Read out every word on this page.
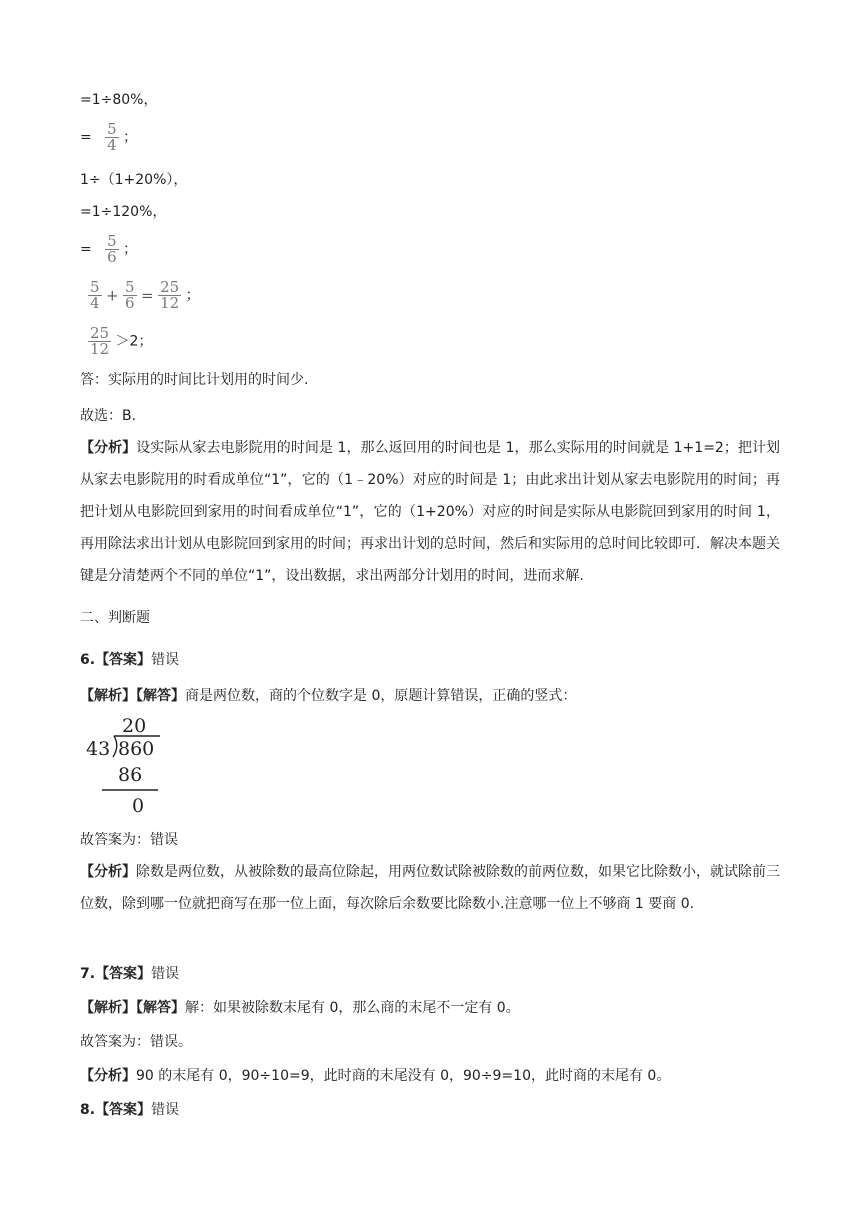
=1÷80%，
= $\frac{5}{4}$ ；
1÷（1+20%），
=1÷120%，
= $\frac{5}{6}$ ；
$\frac{5}{4} + \frac{5}{6} = \frac{25}{12}$ ；
$\frac{25}{12} >2$；
答：实际用的时间比计划用的时间少.
故选：B.
【分析】设实际从家去电影院用的时间是 1，那么返回用的时间也是 1，那么实际用的时间就是 1+1=2；把计划从家去电影院用的时看成单位“1”，它的（1﹣20%）对应的时间是 1；由此求出计划从家去电影院用的时间；再把计划从电影院回到家用的时间看成单位“1”，它的（1+20%）对应的时间是实际从电影院回到家用的时间 1，再用除法求出计划从电影院回到家用的时间；再求出计划的总时间，然后和实际用的总时间比较即可．解决本题关键是分清楚两个不同的单位“1”，设出数据，求出两部分计划用的时间，进而求解.
二、判断题
6.【答案】错误
【解析】【解答】商是两位数，商的个位数字是 0，原题计算错误，正确的竖式：
20
43 860
86
0
故答案为：错误
【分析】除数是两位数，从被除数的最高位除起，用两位数试除被除数的前两位数，如果它比除数小，就试除前三位数，除到哪一位就把商写在那一位上面，每次除后余数要比除数小.注意哪一位上不够商 1 要商 0.
7.【答案】错误
【解析】【解答】解：如果被除数末尾有 0，那么商的末尾不一定有 0。
故答案为：错误。
【分析】90 的末尾有 0，90÷10=9，此时商的末尾没有 0，90÷9=10，此时商的末尾有 0。
8.【答案】错误
